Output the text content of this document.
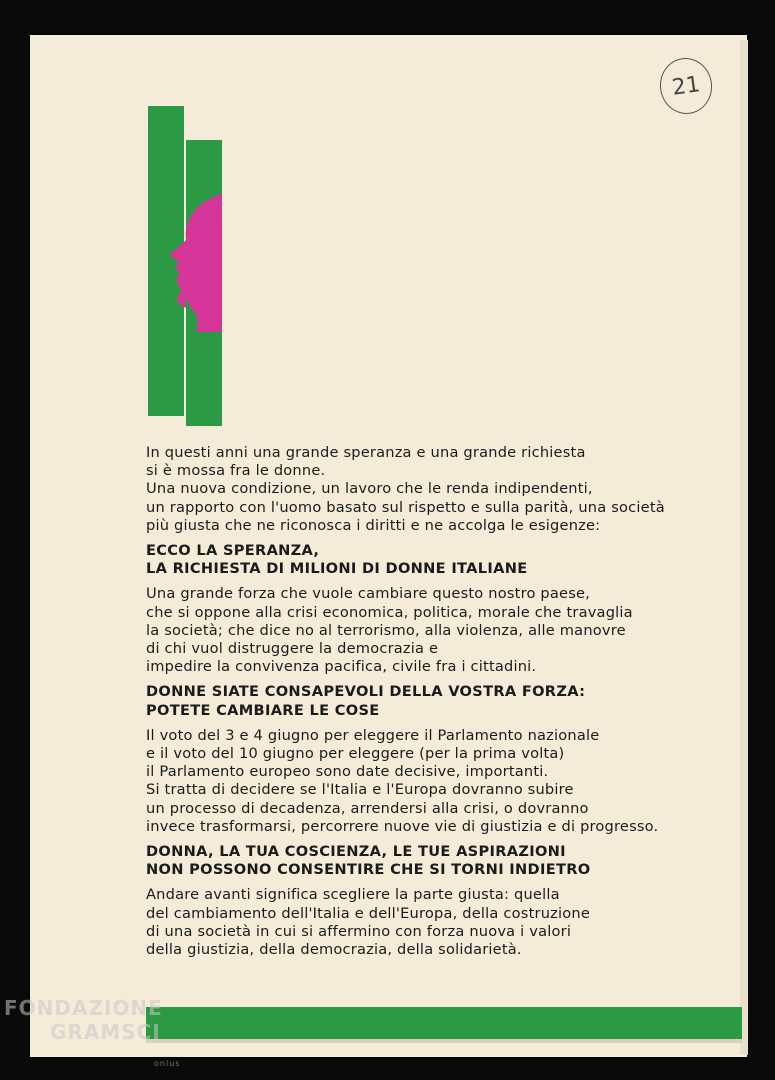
21

In questi anni una grande speranza e una grande richiesta
si è mossa fra le donne.
Una nuova condizione, un lavoro che le renda indipendenti,
un rapporto con l'uomo basato sul rispetto e sulla parità, una società
più giusta che ne riconosca i diritti e ne accolga le esigenze:

ECCO LA SPERANZA,
LA RICHIESTA DI MILIONI DI DONNE ITALIANE

Una grande forza che vuole cambiare questo nostro paese,
che si oppone alla crisi economica, politica, morale che travaglia
la società; che dice no al terrorismo, alla violenza, alle manovre
di chi vuol distruggere la democrazia e
impedire la convivenza pacifica, civile fra i cittadini.

DONNE SIATE CONSAPEVOLI DELLA VOSTRA FORZA:
POTETE CAMBIARE LE COSE

Il voto del 3 e 4 giugno per eleggere il Parlamento nazionale
e il voto del 10 giugno per eleggere (per la prima volta)
il Parlamento europeo sono date decisive, importanti.
Si tratta di decidere se l'Italia e l'Europa dovranno subire
un processo di decadenza, arrendersi alla crisi, o dovranno
invece trasformarsi, percorrere nuove vie di giustizia e di progresso.

DONNA, LA TUA COSCIENZA, LE TUE ASPIRAZIONI
NON POSSONO CONSENTIRE CHE SI TORNI INDIETRO

Andare avanti significa scegliere la parte giusta: quella
del cambiamento dell'Italia e dell'Europa, della costruzione
di una società in cui si affermino con forza nuova i valori
della giustizia, della democrazia, della solidarietà.

FONDAZIONE
GRAMSCI
onlus
